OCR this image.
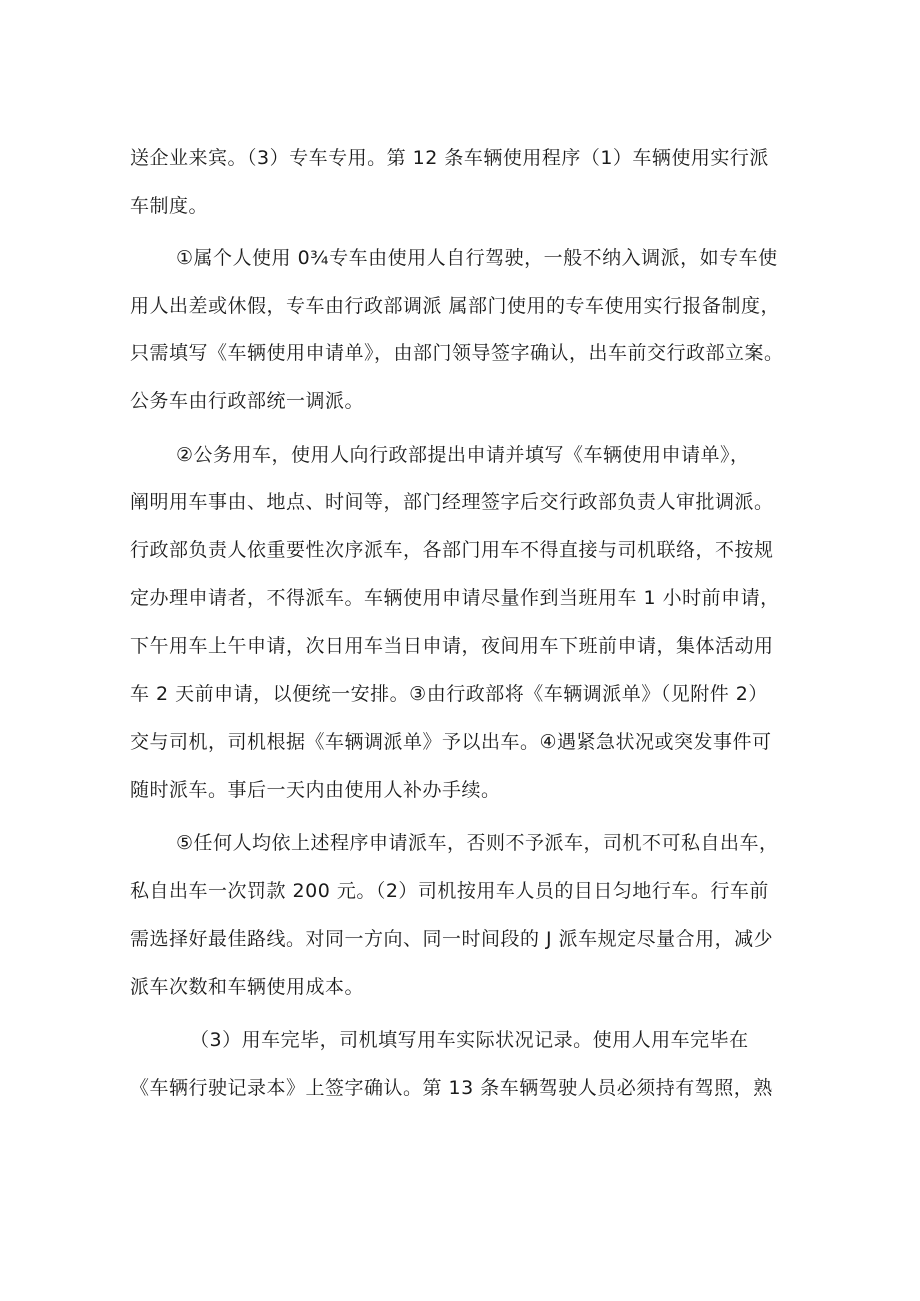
送企业来宾。（3）专车专用。第 12 条车辆使用程序（1）车辆使用实行派
车制度。
①属个人使用 0¾专车由使用人自行驾驶，一般不纳入调派，如专车使
用人出差或休假，专车由行政部调派 属部门使用的专车使用实行报备制度，
只需填写《车辆使用申请单》，由部门领导签字确认，出车前交行政部立案。
公务车由行政部统一调派。
②公务用车，使用人向行政部提出申请并填写《车辆使用申请单》，
阐明用车事由、地点、时间等，部门经理签字后交行政部负责人审批调派。
行政部负责人依重要性次序派车，各部门用车不得直接与司机联络，不按规
定办理申请者，不得派车。车辆使用申请尽量作到当班用车 1 小时前申请，
下午用车上午申请，次日用车当日申请，夜间用车下班前申请，集体活动用
车 2 天前申请，以便统一安排。③由行政部将《车辆调派单》（见附件 2）
交与司机，司机根据《车辆调派单》予以出车。④遇紧急状况或突发事件可
随时派车。事后一天内由使用人补办手续。
⑤任何人均依上述程序申请派车，否则不予派车，司机不可私自出车，
私自出车一次罚款 200 元。（2）司机按用车人员的目日匀地行车。行车前
需选择好最佳路线。对同一方向、同一时间段的 J 派车规定尽量合用，减少
派车次数和车辆使用成本。
（3）用车完毕，司机填写用车实际状况记录。使用人用车完毕在
《车辆行驶记录本》上签字确认。第 13 条车辆驾驶人员必须持有驾照，熟
